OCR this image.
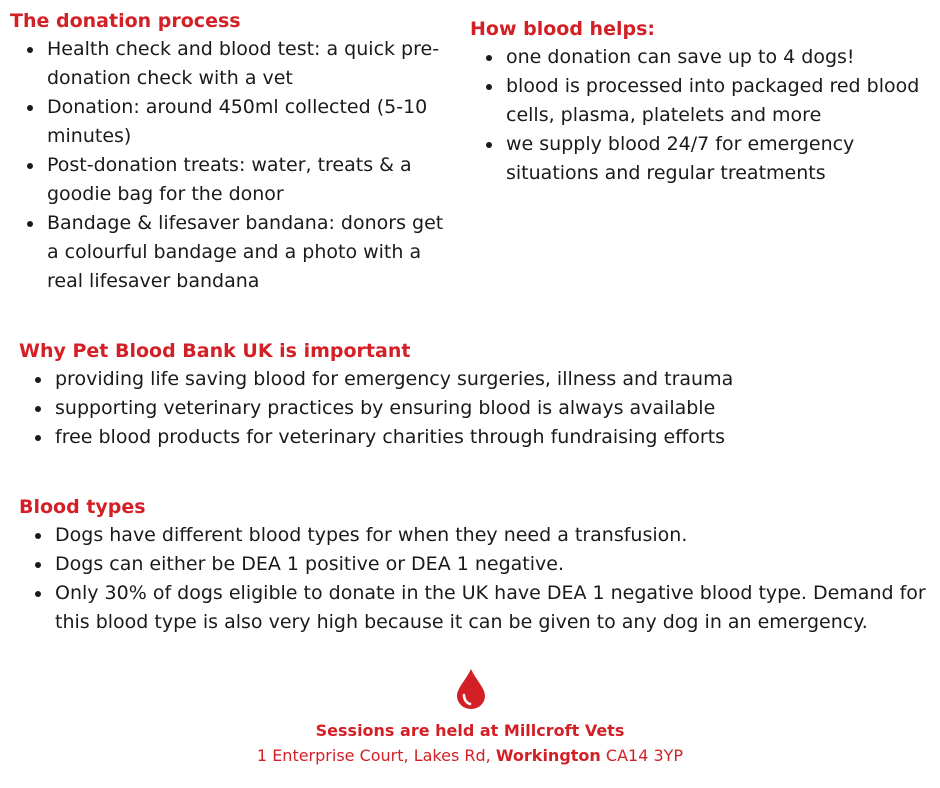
The donation process
Health check and blood test: a quick pre-donation check with a vet
Donation: around 450ml collected (5-10 minutes)
Post-donation treats: water, treats & a goodie bag for the donor
Bandage & lifesaver bandana: donors get a colourful bandage and a photo with a real lifesaver bandana
How blood helps:
one donation can save up to 4 dogs!
blood is processed into packaged red blood cells, plasma, platelets and more
we supply blood 24/7 for emergency situations and regular treatments
Why Pet Blood Bank UK is important
providing life saving blood for emergency surgeries, illness and trauma
supporting veterinary practices by ensuring blood is always available
free blood products for veterinary charities through fundraising efforts
Blood types
Dogs have different blood types for when they need a transfusion.
Dogs can either be DEA 1 positive or DEA 1 negative.
Only 30% of dogs eligible to donate in the UK have DEA 1 negative blood type. Demand for this blood type is also very high because it can be given to any dog in an emergency.
Sessions are held at Millcroft Vets
1 Enterprise Court, Lakes Rd, Workington CA14 3YP
